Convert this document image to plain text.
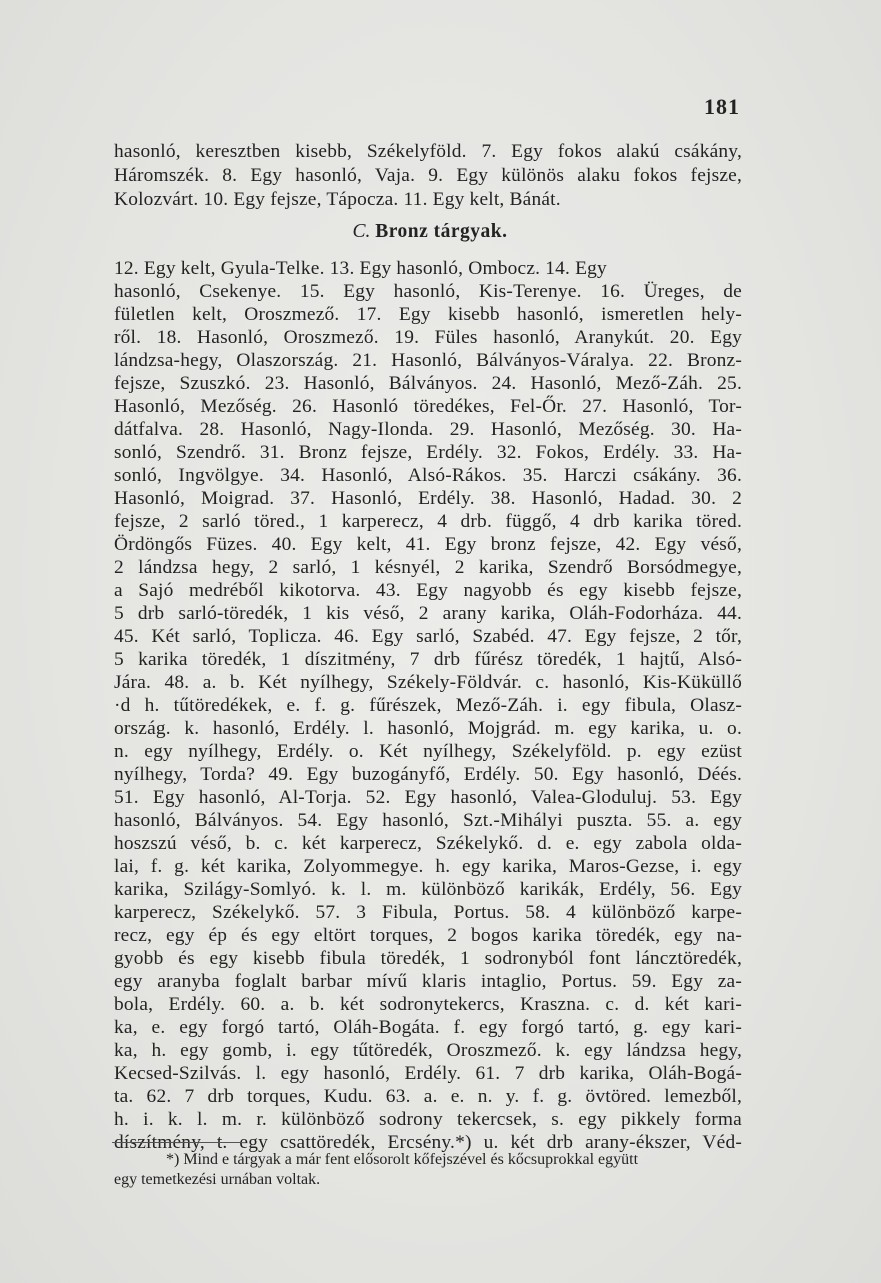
181
hasonló, keresztben kisebb, Székelyföld. 7. Egy fokos alakú csákány,
Háromszék. 8. Egy hasonló, Vaja. 9. Egy különös alaku fokos fejsze,
Kolozvárt. 10. Egy fejsze, Tápocza. 11. Egy kelt, Bánát.
C. Bronz tárgyak.
12. Egy kelt, Gyula-Telke. 13. Egy hasonló, Ombocz. 14. Egy
hasonló, Csekenye. 15. Egy hasonló, Kis-Terenye. 16. Üreges, de
fületlen kelt, Oroszmező. 17. Egy kisebb hasonló, ismeretlen hely-
ről. 18. Hasonló, Oroszmező. 19. Füles hasonló, Aranykút. 20. Egy
lándzsa-hegy, Olaszország. 21. Hasonló, Bálványos-Váralya. 22. Bronz-
fejsze, Szuszkó. 23. Hasonló, Bálványos. 24. Hasonló, Mező-Záh. 25.
Hasonló, Mezőség. 26. Hasonló töredékes, Fel-Őr. 27. Hasonló, Tor-
dátfalva. 28. Hasonló, Nagy-Ilonda. 29. Hasonló, Mezőség. 30. Ha-
sonló, Szendrő. 31. Bronz fejsze, Erdély. 32. Fokos, Erdély. 33. Ha-
sonló, Ingvölgye. 34. Hasonló, Alsó-Rákos. 35. Harczi csákány. 36.
Hasonló, Moigrad. 37. Hasonló, Erdély. 38. Hasonló, Hadad. 30. 2
fejsze, 2 sarló töred., 1 karperecz, 4 drb. függő, 4 drb karika töred.
Ördöngős Füzes. 40. Egy kelt, 41. Egy bronz fejsze, 42. Egy véső,
2 lándzsa hegy, 2 sarló, 1 késnyél, 2 karika, Szendrő Borsódmegye,
a Sajó medréből kikotorva. 43. Egy nagyobb és egy kisebb fejsze,
5 drb sarló-töredék, 1 kis véső, 2 arany karika, Oláh-Fodorháza. 44.
45. Két sarló, Toplicza. 46. Egy sarló, Szabéd. 47. Egy fejsze, 2 tőr,
5 karika töredék, 1 díszitmény, 7 drb fűrész töredék, 1 hajtű, Alsó-
Jára. 48. a. b. Két nyílhegy, Székely-Földvár. c. hasonló, Kis-Küküllő
·d h. tűtöredékek, e. f. g. fűrészek, Mező-Záh. i. egy fibula, Olasz-
ország. k. hasonló, Erdély. l. hasonló, Mojgrád. m. egy karika, u. o.
n. egy nyílhegy, Erdély. o. Két nyílhegy, Székelyföld. p. egy ezüst
nyílhegy, Torda? 49. Egy buzogányfő, Erdély. 50. Egy hasonló, Déés.
51. Egy hasonló, Al-Torja. 52. Egy hasonló, Valea-Gloduluj. 53. Egy
hasonló, Bálványos. 54. Egy hasonló, Szt.-Mihályi puszta. 55. a. egy
hoszszú véső, b. c. két karperecz, Székelykő. d. e. egy zabola olda-
lai, f. g. két karika, Zolyommegye. h. egy karika, Maros-Gezse, i. egy
karika, Szilágy-Somlyó. k. l. m. különböző karikák, Erdély, 56. Egy
karperecz, Székelykő. 57. 3 Fibula, Portus. 58. 4 különböző karpe-
recz, egy ép és egy eltört torques, 2 bogos karika töredék, egy na-
gyobb és egy kisebb fibula töredék, 1 sodronyból font láncztöredék,
egy aranyba foglalt barbar mívű klaris intaglio, Portus. 59. Egy za-
bola, Erdély. 60. a. b. két sodronytekercs, Kraszna. c. d. két kari-
ka, e. egy forgó tartó, Oláh-Bogáta. f. egy forgó tartó, g. egy kari-
ka, h. egy gomb, i. egy tűtöredék, Oroszmező. k. egy lándzsa hegy,
Kecsed-Szilvás. l. egy hasonló, Erdély. 61. 7 drb karika, Oláh-Bogá-
ta. 62. 7 drb torques, Kudu. 63. a. e. n. y. f. g. övtöred. lemezből,
h. i. k. l. m. r. különböző sodrony tekercsek, s. egy pikkely forma
díszítmény, t. egy csattöredék, Ercsény.*) u. két drb arany-ékszer, Véd-
*) Mind e tárgyak a már fent elősorolt kőfejszével és kőcsuprokkal együtt
egy temetkezési urnában voltak.
